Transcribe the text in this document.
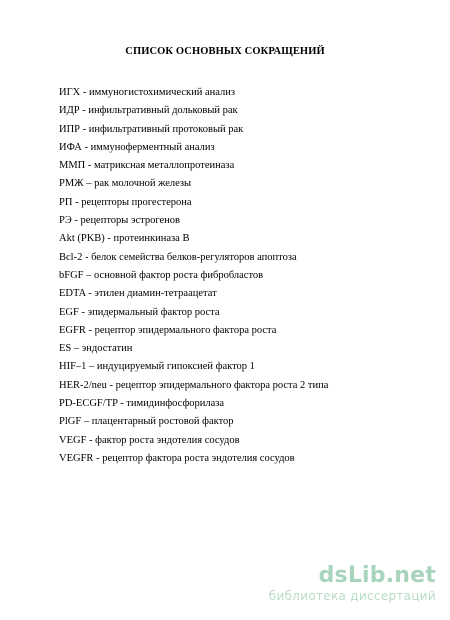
СПИСОК ОСНОВНЫХ СОКРАЩЕНИЙ
ИГХ - иммуногистохимический анализ
ИДР - инфильтративный дольковый рак
ИПР - инфильтративный протоковый рак
ИФА - иммуноферментный анализ
ММП - матриксная металлопротеиназа
РМЖ – рак молочной железы
РП - рецепторы прогестерона
РЭ - рецепторы эстрогенов
Akt (PKB) - протеинкиназа В
Bcl-2 - белок семейства белков-регуляторов апоптоза
bFGF – основной фактор роста фибробластов
EDTA - этилен диамин-тетраацетат
EGF - эпидермальный фактор роста
EGFR - рецептор эпидермального фактора роста
ES – эндостатин
HIF–1 – индуцируемый гипоксией фактор 1
HER-2/neu - рецептор эпидермального фактора роста 2 типа
PD-ECGF/TP - тимидинфосфорилаза
PlGF – плацентарный ростовой фактор
VEGF - фактор роста эндотелия сосудов
VEGFR - рецептор фактора роста эндотелия сосудов
dsLib.net
библиотека диссертаций
